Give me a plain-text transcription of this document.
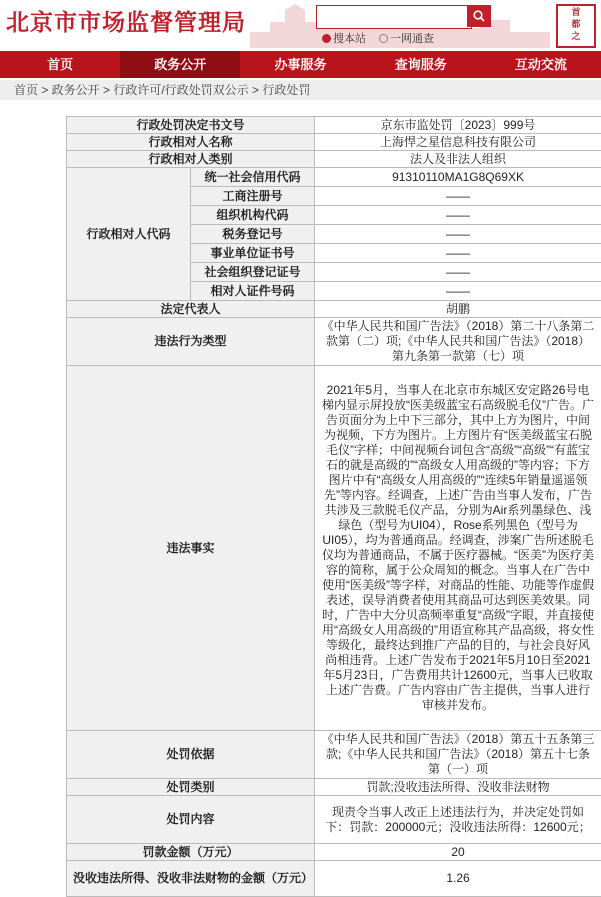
北京市市场监督管理局
搜本站 一网通查
首
都
之
首页	政务公开	办事服务	查询服务	互动交流
首页 > 政务公开 > 行政许可/行政处罚双公示 > 行政处罚
行政处罚决定书文号		京东市监处罚〔2023〕999号
行政相对人名称		上海悍之星信息科技有限公司
行政相对人类别		法人及非法人组织
行政相对人代码	统一社会信用代码	91310110MA1G8Q69XK
	工商注册号	——
	组织机构代码	——
	税务登记号	——
	事业单位证书号	——
	社会组织登记证号	——
	相对人证件号码	——
法定代表人		胡鹏
违法行为类型		《中华人民共和国广告法》（2018）第二十八条第二款第（二）项;《中华人民共和国广告法》（2018）第九条第一款第（七）项
违法事实		2021年5月，当事人在北京市东城区安定路26号电梯内显示屏投放“医美级蓝宝石高级脱毛仪”广告。广告页面分为上中下三部分，其中上方为图片，中间为视频，下方为图片。上方图片有“医美级蓝宝石脱毛仪”字样；中间视频台词包含“高级”“高级”“有蓝宝石的就是高级的”“高级女人用高级的”等内容；下方图片中有“高级女人用高级的”“连续5年销量遥遥领先”等内容。经调查，上述广告由当事人发布，广告共涉及三款脱毛仪产品，分别为Air系列墨绿色、浅绿色（型号为UI04），Rose系列黑色（型号为UI05），均为普通商品。经调查，涉案广告所述脱毛仪均为普通商品，不属于医疗器械。“医美”为医疗美容的简称，属于公众周知的概念。当事人在广告中使用“医美级”等字样，对商品的性能、功能等作虚假表述，误导消费者使用其商品可达到医美效果。同时，广告中大分贝高频率重复“高级”字眼，并直接使用“高级女人用高级的”用语宣称其产品高级，将女性等级化，最终达到推广产品的目的，与社会良好风尚相违背。上述广告发布于2021年5月10日至2021年5月23日，广告费用共计12600元，当事人已收取上述广告费。广告内容由广告主提供，当事人进行审核并发布。
处罚依据		《中华人民共和国广告法》（2018）第五十五条第三款;《中华人民共和国广告法》（2018）第五十七条第（一）项
处罚类别		罚款;没收违法所得、没收非法财物
处罚内容		现责令当事人改正上述违法行为，并决定处罚如下：罚款：200000元；没收违法所得：12600元；
罚款金额（万元）		20
没收违法所得、没收非法财物的金额（万元）		1.26
